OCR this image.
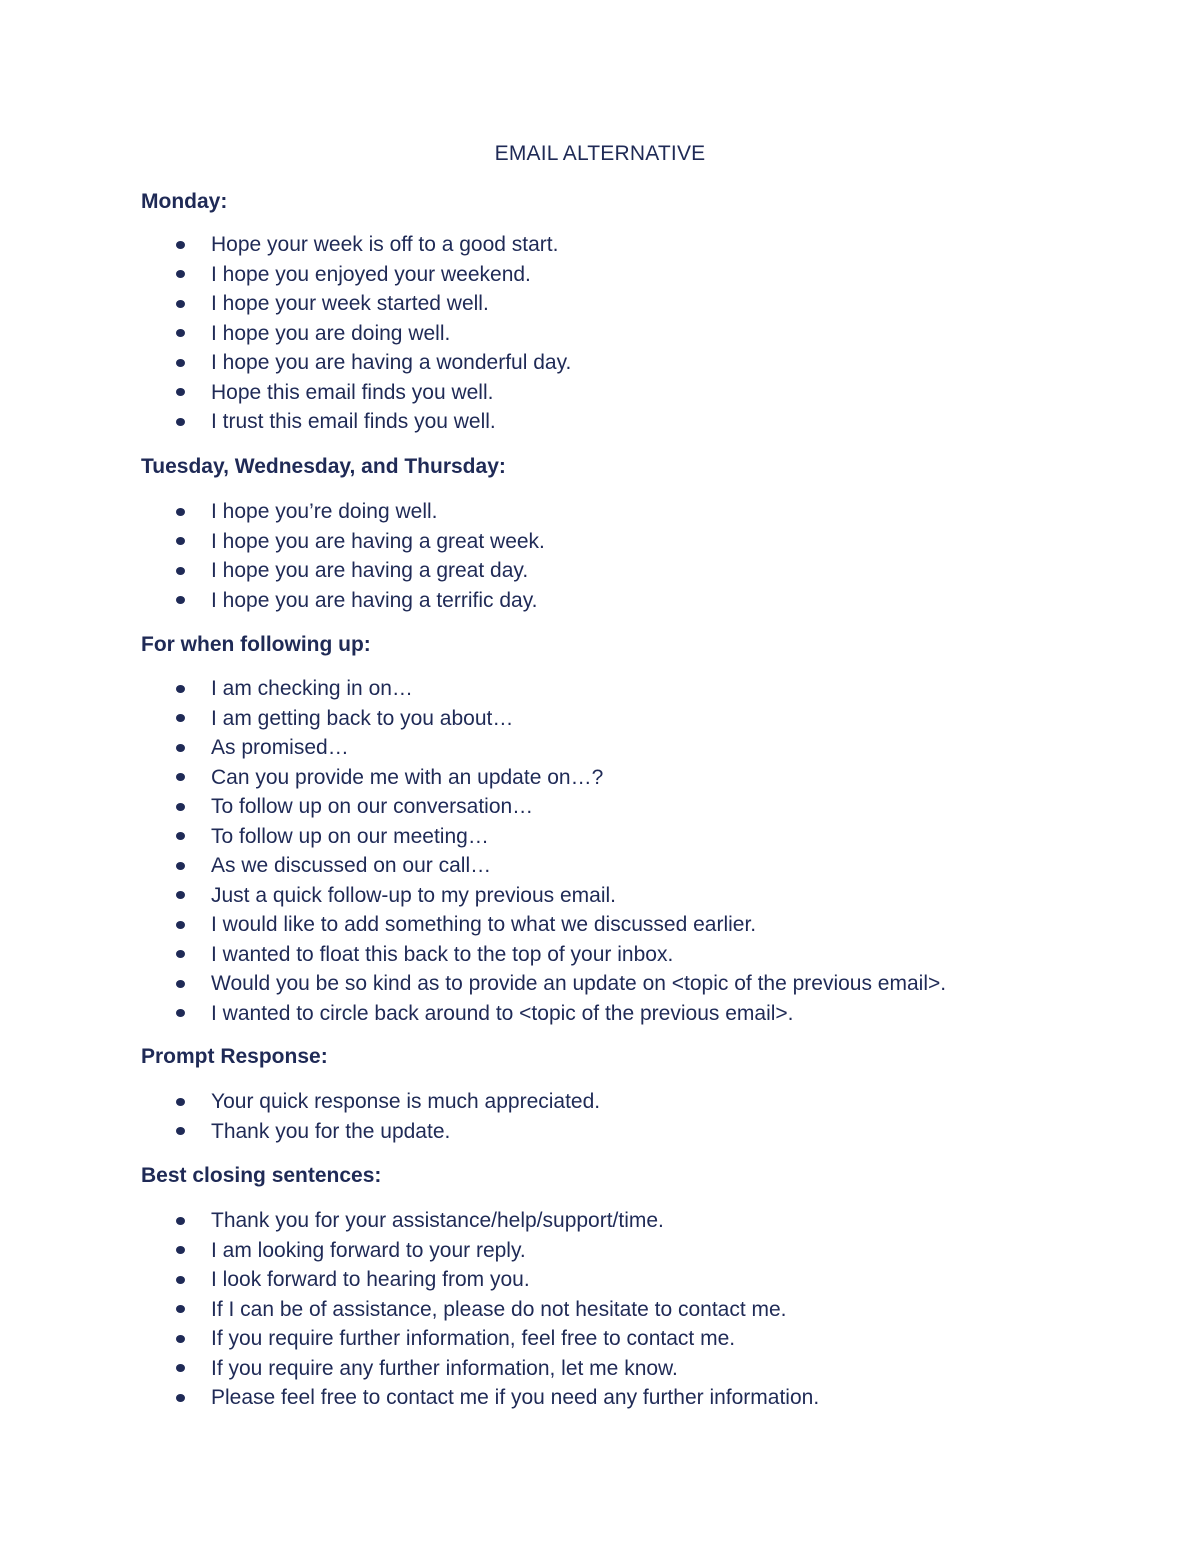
EMAIL ALTERNATIVE
Monday:
Hope your week is off to a good start.
I hope you enjoyed your weekend.
I hope your week started well.
I hope you are doing well.
I hope you are having a wonderful day.
Hope this email finds you well.
I trust this email finds you well.
Tuesday, Wednesday, and Thursday:
I hope you’re doing well.
I hope you are having a great week.
I hope you are having a great day.
I hope you are having a terrific day.
For when following up:
I am checking in on…
I am getting back to you about…
As promised…
Can you provide me with an update on…?
To follow up on our conversation…
To follow up on our meeting…
As we discussed on our call…
Just a quick follow-up to my previous email.
I would like to add something to what we discussed earlier.
I wanted to float this back to the top of your inbox.
Would you be so kind as to provide an update on <topic of the previous email>.
I wanted to circle back around to <topic of the previous email>.
Prompt Response:
Your quick response is much appreciated.
Thank you for the update.
Best closing sentences:
Thank you for your assistance/help/support/time.
I am looking forward to your reply.
I look forward to hearing from you.
If I can be of assistance, please do not hesitate to contact me.
If you require further information, feel free to contact me.
If you require any further information, let me know.
Please feel free to contact me if you need any further information.
